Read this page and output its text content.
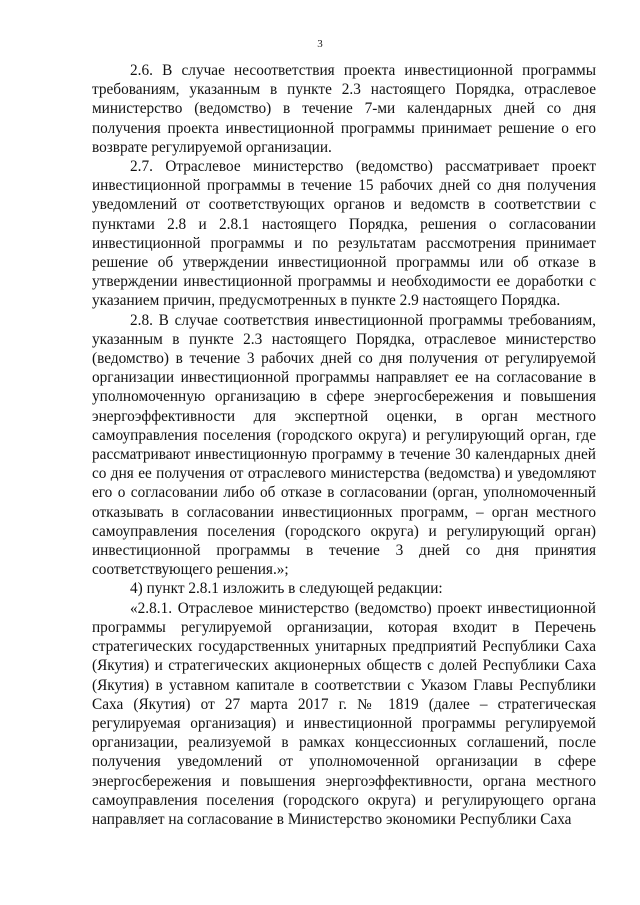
3

2.6. В случае несоответствия проекта инвестиционной программы требованиям, указанным в пункте 2.3 настоящего Порядка, отраслевое министерство (ведомство) в течение 7-ми календарных дней со дня получения проекта инвестиционной программы принимает решение о его возврате регулируемой организации.

2.7. Отраслевое министерство (ведомство) рассматривает проект инвестиционной программы в течение 15 рабочих дней со дня получения уведомлений от соответствующих органов и ведомств в соответствии с пунктами 2.8 и 2.8.1 настоящего Порядка, решения о согласовании инвестиционной программы и по результатам рассмотрения принимает решение об утверждении инвестиционной программы или об отказе в утверждении инвестиционной программы и необходимости ее доработки с указанием причин, предусмотренных в пункте 2.9 настоящего Порядка.

2.8. В случае соответствия инвестиционной программы требованиям, указанным в пункте 2.3 настоящего Порядка, отраслевое министерство (ведомство) в течение 3 рабочих дней со дня получения от регулируемой организации инвестиционной программы направляет ее на согласование в уполномоченную организацию в сфере энергосбережения и повышения энергоэффективности для экспертной оценки, в орган местного самоуправления поселения (городского округа) и регулирующий орган, где рассматривают инвестиционную программу в течение 30 календарных дней со дня ее получения от отраслевого министерства (ведомства) и уведомляют его о согласовании либо об отказе в согласовании (орган, уполномоченный отказывать в согласовании инвестиционных программ, – орган местного самоуправления поселения (городского округа) и регулирующий орган) инвестиционной программы в течение 3 дней со дня принятия соответствующего решения.»;

4) пункт 2.8.1 изложить в следующей редакции:

«2.8.1. Отраслевое министерство (ведомство) проект инвестиционной программы регулируемой организации, которая входит в Перечень стратегических государственных унитарных предприятий Республики Саха (Якутия) и стратегических акционерных обществ с долей Республики Саха (Якутия) в уставном капитале в соответствии с Указом Главы Республики Саха (Якутия) от 27 марта 2017 г. № 1819 (далее – стратегическая регулируемая организация) и инвестиционной программы регулируемой организации, реализуемой в рамках концессионных соглашений, после получения уведомлений от уполномоченной организации в сфере энергосбережения и повышения энергоэффективности, органа местного самоуправления поселения (городского округа) и регулирующего органа направляет на согласование в Министерство экономики Республики Саха
